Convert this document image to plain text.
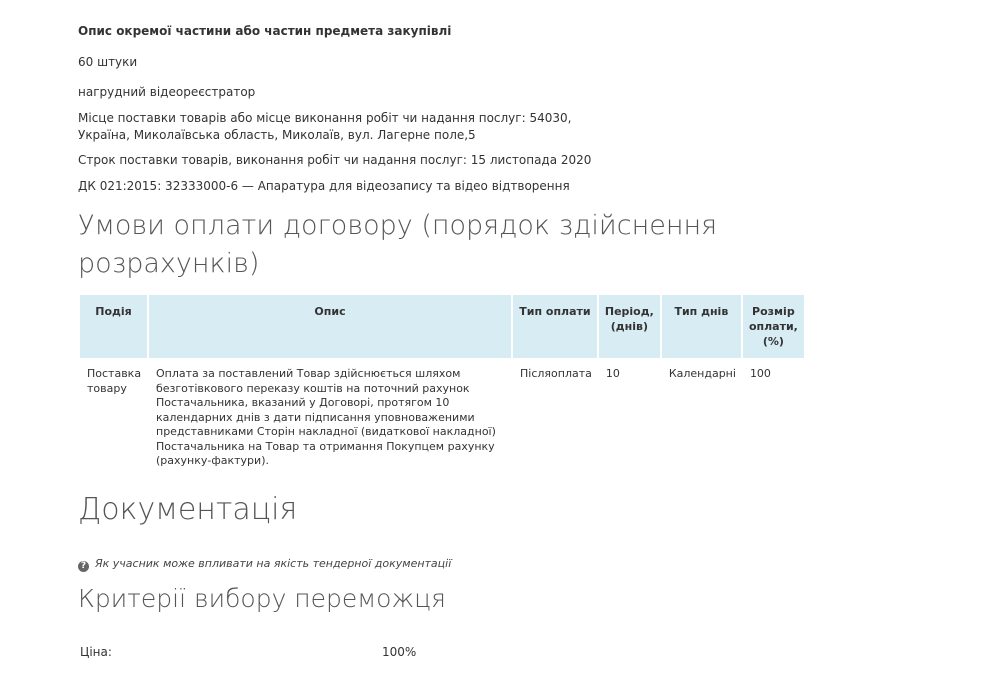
Опис окремої частини або частин предмета закупівлі
60 штуки
нагрудний відеореєстратор
Місце поставки товарів або місце виконання робіт чи надання послуг: 54030, Україна, Миколаївська область, Миколаїв, вул. Лагерне поле,5
Строк поставки товарів, виконання робіт чи надання послуг: 15 листопада 2020
ДК 021:2015: 32333000-6 — Апаратура для відеозапису та відео відтворення
Умови оплати договору (порядок здійснення розрахунків)
Подія	Опис	Тип оплати	Період, (днів)	Тип днів	Розмір оплати, (%)
Поставка товару	Оплата за поставлений Товар здійснюється шляхом безготівкового переказу коштів на поточний рахунок Постачальника, вказаний у Договорі, протягом 10 календарних днів з дати підписання уповноваженими представниками Сторін накладної (видаткової накладної) Постачальника на Товар та отримання Покупцем рахунку (рахунку-фактури).	Післяоплата	10	Календарні	100
Документація
? Як учасник може впливати на якість тендерної документації
Критерії вибору переможця
Ціна:	100%
